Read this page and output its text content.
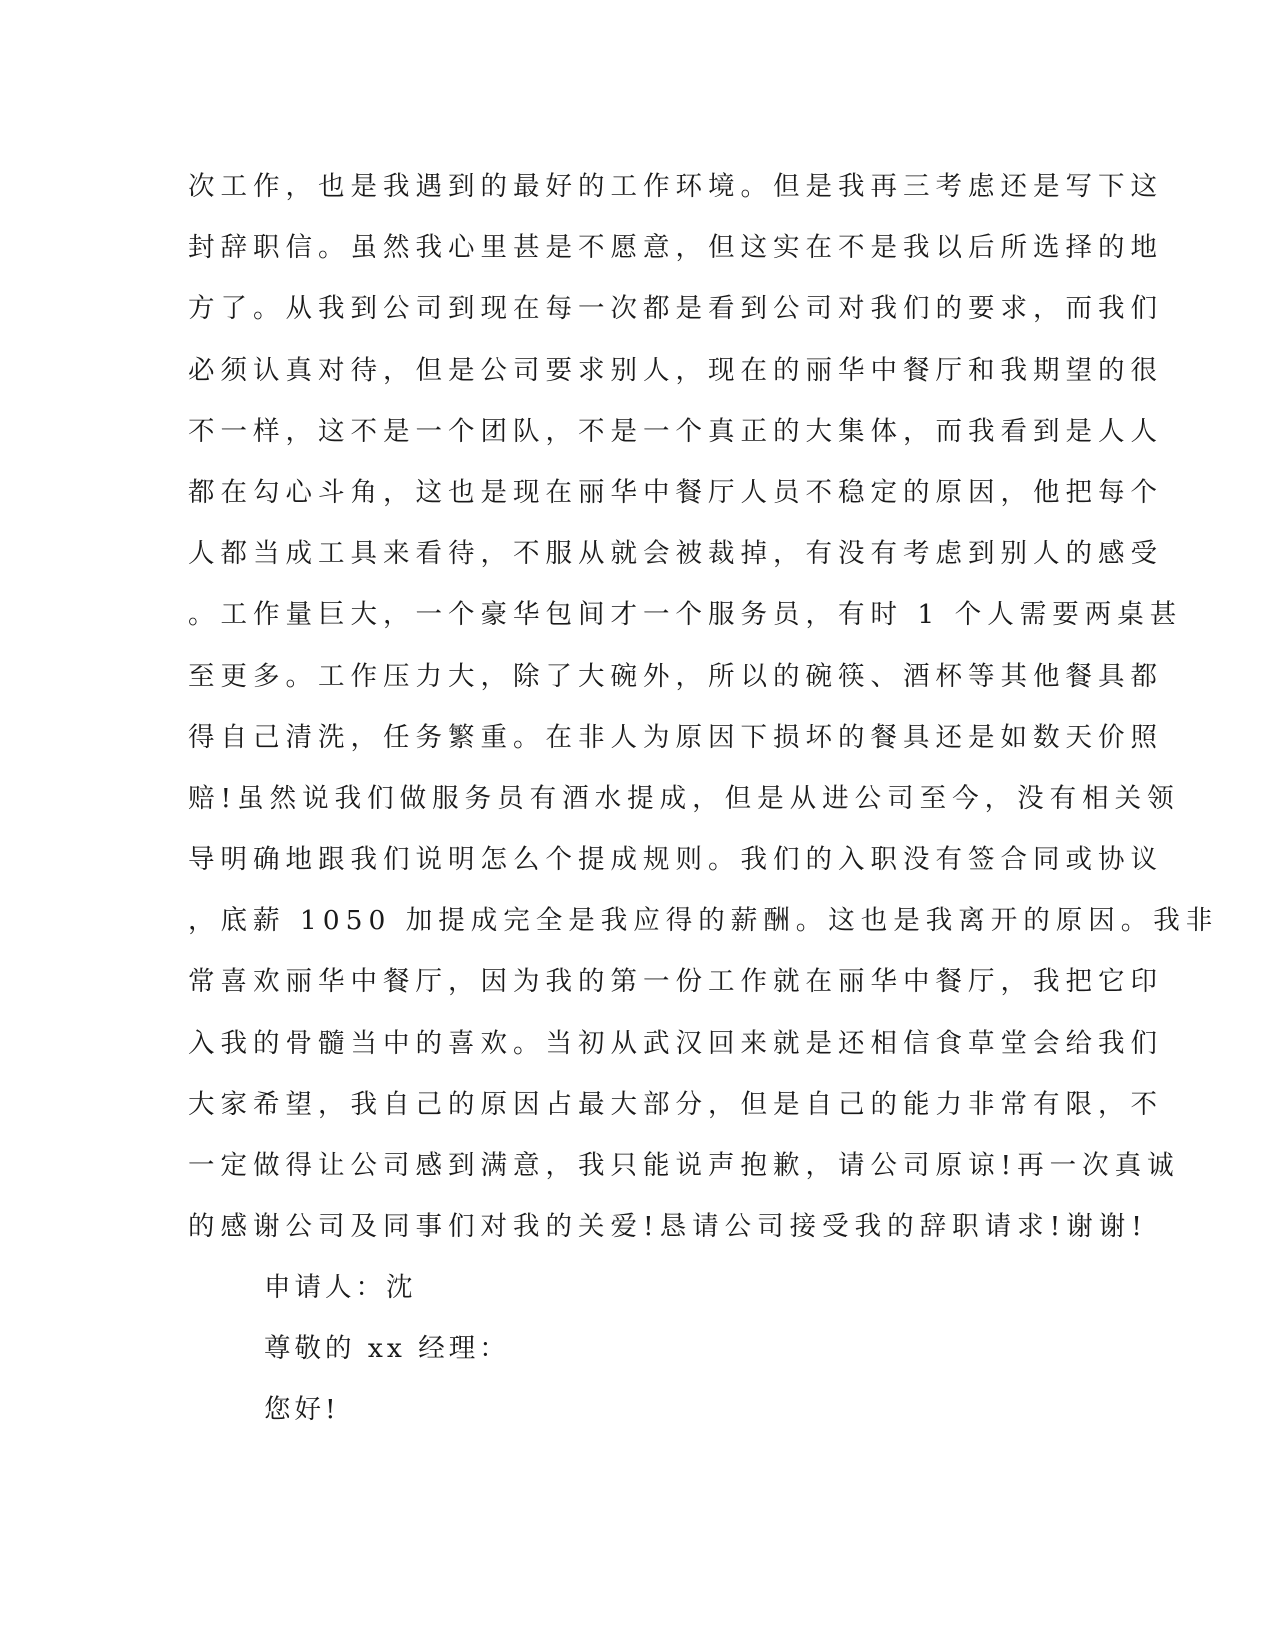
次工作，也是我遇到的最好的工作环境。但是我再三考虑还是写下这
封辞职信。虽然我心里甚是不愿意，但这实在不是我以后所选择的地
方了。从我到公司到现在每一次都是看到公司对我们的要求，而我们
必须认真对待，但是公司要求别人，现在的丽华中餐厅和我期望的很
不一样，这不是一个团队，不是一个真正的大集体，而我看到是人人
都在勾心斗角，这也是现在丽华中餐厅人员不稳定的原因，他把每个
人都当成工具来看待，不服从就会被裁掉，有没有考虑到别人的感受
。工作量巨大，一个豪华包间才一个服务员，有时 1 个人需要两桌甚
至更多。工作压力大，除了大碗外，所以的碗筷、酒杯等其他餐具都
得自己清洗，任务繁重。在非人为原因下损坏的餐具还是如数天价照
赔!虽然说我们做服务员有酒水提成，但是从进公司至今，没有相关领
导明确地跟我们说明怎么个提成规则。我们的入职没有签合同或协议
，底薪 1050 加提成完全是我应得的薪酬。这也是我离开的原因。我非
常喜欢丽华中餐厅，因为我的第一份工作就在丽华中餐厅，我把它印
入我的骨髓当中的喜欢。当初从武汉回来就是还相信食草堂会给我们
大家希望，我自己的原因占最大部分，但是自己的能力非常有限，不
一定做得让公司感到满意，我只能说声抱歉，请公司原谅!再一次真诚
的感谢公司及同事们对我的关爱!恳请公司接受我的辞职请求!谢谢!
申请人：沈
尊敬的 xx 经理：
您好!
